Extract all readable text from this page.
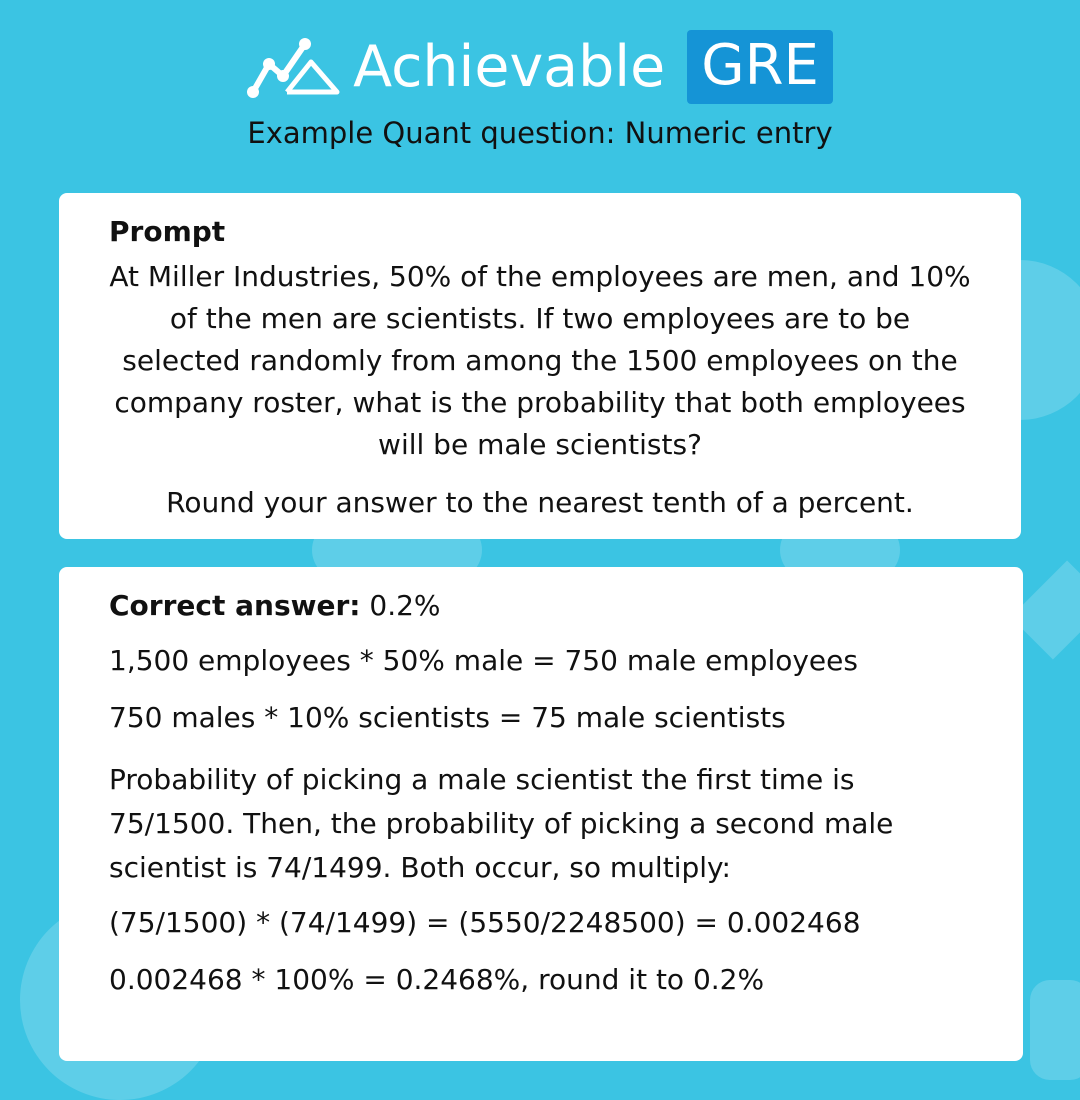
Achievable GRE
Example Quant question: Numeric entry
Prompt

At Miller Industries, 50% of the employees are men, and 10% of the men are scientists. If two employees are to be selected randomly from among the 1500 employees on the company roster, what is the probability that both employees will be male scientists?

Round your answer to the nearest tenth of a percent.

Correct answer: 0.2%

1,500 employees * 50% male = 750 male employees

750 males * 10% scientists = 75 male scientists

Probability of picking a male scientist the first time is 75/1500. Then, the probability of picking a second male scientist is 74/1499. Both occur, so multiply:

(75/1500) * (74/1499) = (5550/2248500) = 0.002468

0.002468 * 100% = 0.2468%, round it to 0.2%
